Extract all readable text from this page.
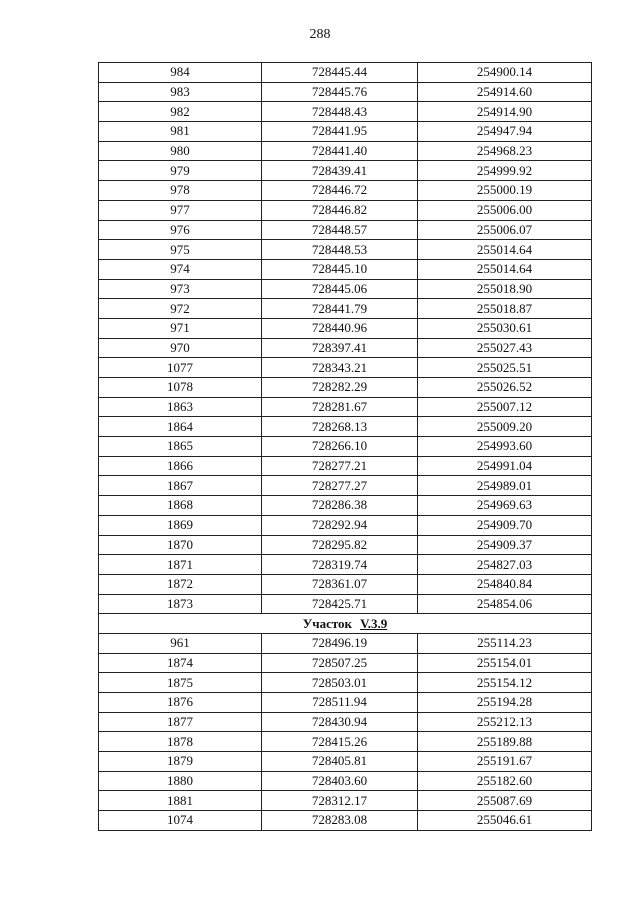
288
984	728445.44	254900.14
983	728445.76	254914.60
982	728448.43	254914.90
981	728441.95	254947.94
980	728441.40	254968.23
979	728439.41	254999.92
978	728446.72	255000.19
977	728446.82	255006.00
976	728448.57	255006.07
975	728448.53	255014.64
974	728445.10	255014.64
973	728445.06	255018.90
972	728441.79	255018.87
971	728440.96	255030.61
970	728397.41	255027.43
1077	728343.21	255025.51
1078	728282.29	255026.52
1863	728281.67	255007.12
1864	728268.13	255009.20
1865	728266.10	254993.60
1866	728277.21	254991.04
1867	728277.27	254989.01
1868	728286.38	254969.63
1869	728292.94	254909.70
1870	728295.82	254909.37
1871	728319.74	254827.03
1872	728361.07	254840.84
1873	728425.71	254854.06
Участок V.3.9		
961	728496.19	255114.23
1874	728507.25	255154.01
1875	728503.01	255154.12
1876	728511.94	255194.28
1877	728430.94	255212.13
1878	728415.26	255189.88
1879	728405.81	255191.67
1880	728403.60	255182.60
1881	728312.17	255087.69
1074	728283.08	255046.61
